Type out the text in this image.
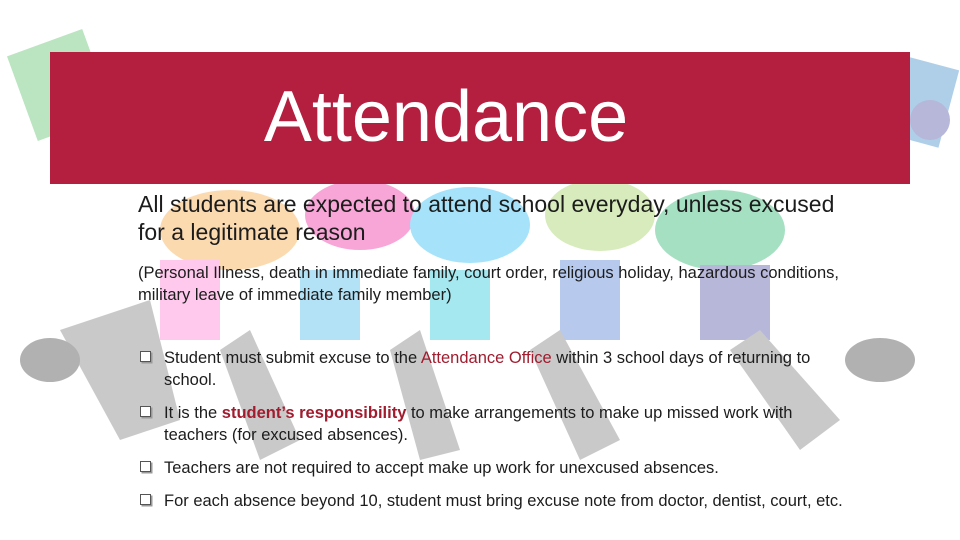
Attendance

All students are expected to attend school everyday, unless excused for a legitimate reason

(Personal Illness, death in immediate family, court order, religious holiday, hazardous conditions, military leave of immediate family member)

Student must submit excuse to the Attendance Office within 3 school days of returning to school.
It is the student’s responsibility to make arrangements to make up missed work with teachers (for excused absences).
Teachers are not required to accept make up work for unexcused absences.
For each absence beyond 10, student must bring excuse note from doctor, dentist, court, etc.
